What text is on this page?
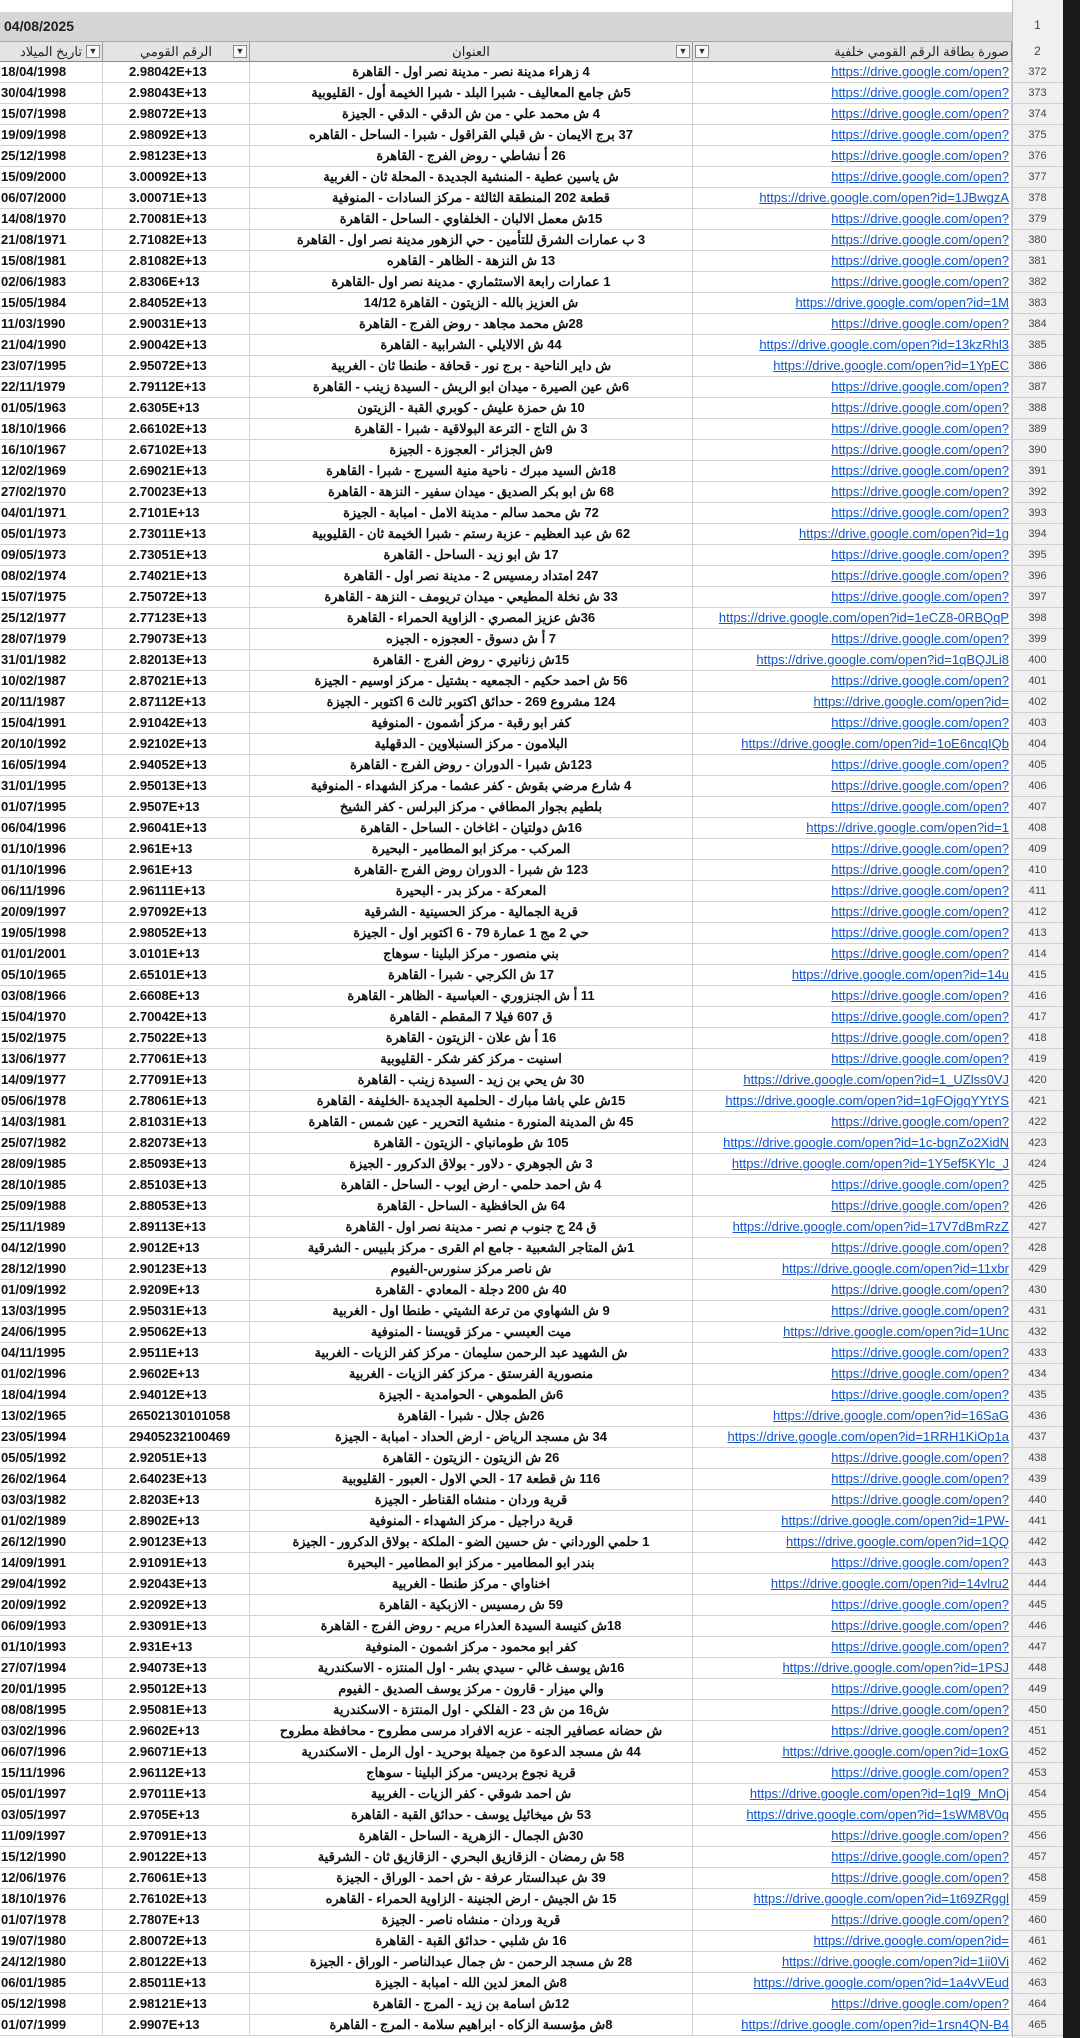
04/08/2025	1
2
تاريخ الميلاد ▼	الرقم القومي	▼	العنوان	▼	صورة بطاقة الرقم القومي خلفية
▼
18/04/1998	2.98042E+13	4 زهراء مدينة نصر - مدينة نصر اول - القاهرة	https://drive.google.com/open?	372
30/04/1998	2.98043E+13	5ش جامع المعاليف - شبرا البلد - شبرا الخيمة أول - القليوبية	https://drive.google.com/open?	373
15/07/1998	2.98072E+13	4 ش محمد علي - من ش الدقي - الدقي - الجيزة	https://drive.google.com/open?	374
19/09/1998	2.98092E+13	37 برج الايمان - ش قبلي القراقول - شبرا - الساحل - القاهره	https://drive.google.com/open?	375
25/12/1998	2.98123E+13	26 أ نشاطي - روض الفرج - القاهرة	https://drive.google.com/open?	376
15/09/2000	3.00092E+13	ش ياسين عطية - المنشية الجديدة - المحلة ثان - الغربية	https://drive.google.com/open?	377
06/07/2000	3.00071E+13	قطعة 202 المنطقة الثالثة - مركز السادات - المنوفية	https://drive.google.com/open?id=1JBwgzA	378
14/08/1970	2.70081E+13	15ش معمل الالبان - الخلفاوي - الساحل - القاهرة	https://drive.google.com/open?	379
21/08/1971	2.71082E+13	3 ب عمارات الشرق للتأمين - حي الزهور مدينة نصر اول - القاهرة	https://drive.google.com/open?	380
15/08/1981	2.81082E+13	13 ش النزهة - الظاهر - القاهره	https://drive.google.com/open?	381
02/06/1983	2.8306E+13	1 عمارات رابعة الاستثماري - مدينة نصر اول -القاهرة	https://drive.google.com/open?	382
15/05/1984	2.84052E+13	ش العزيز بالله - الزيتون - القاهرة 14/12	https://drive.google.com/open?id=1M	383
11/03/1990	2.90031E+13	28ش محمد مجاهد - روض الفرج - القاهرة	https://drive.google.com/open?	384
21/04/1990	2.90042E+13	44 ش الالايلي - الشرابية - القاهرة	https://drive.google.com/open?id=13kzRhl3	385
23/07/1995	2.95072E+13	ش داير الناحية - برج نور - قحافة - طنطا ثان - الغربية	https://drive.google.com/open?id=1YpEC	386
22/11/1979	2.79112E+13	6ش عين الصيرة - ميدان ابو الريش - السيدة زينب - القاهرة	https://drive.google.com/open?	387
01/05/1963	2.6305E+13	10 ش حمزة عليش - كوبري القبة - الزيتون	https://drive.google.com/open?	388
18/10/1966	2.66102E+13	3 ش التاج - الترعة البولاقية - شبرا - القاهرة	https://drive.google.com/open?	389
16/10/1967	2.67102E+13	9ش الجزائر - العجوزة - الجيزة	https://drive.google.com/open?	390
12/02/1969	2.69021E+13	18ش السيد مبرك - ناحية منية السيرج - شبرا - القاهرة	https://drive.google.com/open?	391
27/02/1970	2.70023E+13	68 ش ابو بكر الصديق - ميدان سفير - النزهة - القاهرة	https://drive.google.com/open?	392
04/01/1971	2.7101E+13	72 ش محمد سالم - مدينة الامل - امبابة - الجيزة	https://drive.google.com/open?	393
05/01/1973	2.73011E+13	62 ش عبد العظيم - عزبة رستم - شبرا الخيمة ثان - القليوبية	https://drive.google.com/open?id=1g	394
09/05/1973	2.73051E+13	17 ش ابو زيد - الساحل - القاهرة	https://drive.google.com/open?	395
08/02/1974	2.74021E+13	247 امتداد رمسيس 2 - مدينة نصر اول - القاهرة	https://drive.google.com/open?	396
15/07/1975	2.75072E+13	33 ش نخلة المطيعي - ميدان تريومف - النزهة - القاهرة	https://drive.google.com/open?	397
25/12/1977	2.77123E+13	36ش عزيز المصري - الزاوية الحمراء - القاهرة	https://drive.google.com/open?id=1eCZ8-0RBQqP	398
28/07/1979	2.79073E+13	7 أ ش دسوق - العجوزه - الجيزه	https://drive.google.com/open?	399
31/01/1982	2.82013E+13	15ش زنانيري - روض الفرج - القاهرة	https://drive.google.com/open?id=1qBQJLi8	400
10/02/1987	2.87021E+13	56 ش احمد حكيم - الجمعيه - بشتيل - مركز اوسيم - الجيزة	https://drive.google.com/open?	401
20/11/1987	2.87112E+13	124 مشروع 269 - حدائق اكتوبر ثالث 6 اكتوبر - الجيزة	https://drive.google.com/open?id=	402
15/04/1991	2.91042E+13	كفر ابو رقبة - مركز أشمون - المنوفية	https://drive.google.com/open?	403
20/10/1992	2.92102E+13	البلامون - مركز السنبلاوين - الدقهلية	https://drive.google.com/open?id=1oE6ncqIQb	404
16/05/1994	2.94052E+13	123ش شبرا - الدوران - روض الفرج - القاهرة	https://drive.google.com/open?	405
31/01/1995	2.95013E+13	4 شارع مرضي بقوش - كفر عشما - مركز الشهداء - المنوفية	https://drive.google.com/open?	406
01/07/1995	2.9507E+13	بلطيم بجوار المطافي - مركز البرلس - كفر الشيخ	https://drive.google.com/open?	407
06/04/1996	2.96041E+13	16ش دولتيان - اغاخان - الساحل - القاهرة	https://drive.google.com/open?id=1	408
01/10/1996	2.961E+13	المركب - مركز ابو المطامير - البحيرة	https://drive.google.com/open?	409
01/10/1996	2.961E+13	123 ش شبرا - الدوران روض الفرج -القاهرة	https://drive.google.com/open?	410
06/11/1996	2.96111E+13	المعركة - مركز بدر - البحيرة	https://drive.google.com/open?	411
20/09/1997	2.97092E+13	قرية الجمالية - مركز الحسينية - الشرقية	https://drive.google.com/open?	412
19/05/1998	2.98052E+13	حي 2 مج 1 عمارة 79 - 6 اكتوبر اول - الجيزة	https://drive.google.com/open?	413
01/01/2001	3.0101E+13	بني منصور - مركز البلينا - سوهاج	https://drive.google.com/open?	414
05/10/1965	2.65101E+13	17 ش الكرجي - شبرا - القاهرة	https://drive.google.com/open?id=14u	415
03/08/1966	2.6608E+13	11 أ ش الجنزوري - العباسية - الظاهر - القاهرة	https://drive.google.com/open?	416
15/04/1970	2.70042E+13	ق 607 فيلا 7 المقطم - القاهرة	https://drive.google.com/open?	417
15/02/1975	2.75022E+13	16 أ ش علان - الزيتون - القاهرة	https://drive.google.com/open?	418
13/06/1977	2.77061E+13	اسنيت - مركز كفر شكر - القليوبية	https://drive.google.com/open?	419
14/09/1977	2.77091E+13	30 ش يحي بن زيد - السيدة زينب - القاهرة	https://drive.google.com/open?id=1_UZlss0VJ	420
05/06/1978	2.78061E+13	15ش علي باشا مبارك - الحلمية الجديدة -الخليفة - القاهرة	https://drive.google.com/open?id=1gFOjgqYYtYS	421
14/03/1981	2.81031E+13	45 ش المدينة المنورة - منشية التحرير - عين شمس - القاهرة	https://drive.google.com/open?	422
25/07/1982	2.82073E+13	105 ش طومانباي - الزيتون - القاهرة	https://drive.google.com/open?id=1c-bgnZo2XidN	423
28/09/1985	2.85093E+13	3 ش الجوهري - دلاور - بولاق الدكرور - الجيزة	https://drive.google.com/open?id=1Y5ef5KYlc_J	424
28/10/1985	2.85103E+13	4 ش احمد حلمي - ارض ايوب - الساحل - القاهرة	https://drive.google.com/open?	425
25/09/1988	2.88053E+13	64 ش الحافظية - الساحل - القاهرة	https://drive.google.com/open?	426
25/11/1989	2.89113E+13	ق 24 ج جنوب م نصر - مدينة نصر اول - القاهرة	https://drive.google.com/open?id=17V7dBmRzZ	427
04/12/1990	2.9012E+13	1ش المتاجر الشعبية - جامع ام القرى - مركز بلبيس - الشرقية	https://drive.google.com/open?	428
28/12/1990	2.90123E+13	ش ناصر مركز سنورس-الفيوم	https://drive.google.com/open?id=11xbr	429
01/09/1992	2.9209E+13	40 ش 200 دجلة - المعادي - القاهرة	https://drive.google.com/open?	430
13/03/1995	2.95031E+13	9 ش الشهاوي من ترعة الشيتي - طنطا اول - الغربية	https://drive.google.com/open?	431
24/06/1995	2.95062E+13	ميت العبسي - مركز قويسنا - المنوفية	https://drive.google.com/open?id=1Unc	432
04/11/1995	2.9511E+13	ش الشهيد عبد الرحمن سليمان - مركز كفر الزيات - الغربية	https://drive.google.com/open?	433
01/02/1996	2.9602E+13	منصورية الفرستق - مركز كفر الزيات - الغربية	https://drive.google.com/open?	434
18/04/1994	2.94012E+13	6ش الطموهي - الحوامدية - الجيزة	https://drive.google.com/open?	435
13/02/1965	26502130101058	26ش جلال - شبرا - القاهرة	https://drive.google.com/open?id=16SaG	436
23/05/1994	29405232100469	34 ش مسجد الرياض - ارض الحداد - امبابة - الجيزة	https://drive.google.com/open?id=1RRH1KiOp1a	437
05/05/1992	2.92051E+13	26 ش الزيتون - الزيتون - القاهرة	https://drive.google.com/open?	438
26/02/1964	2.64023E+13	116 ش قطعة 17 - الحي الاول - العبور - القليوبية	https://drive.google.com/open?	439
03/03/1982	2.8203E+13	قرية وردان - منشاه القناطر - الجيزة	https://drive.google.com/open?	440
01/02/1989	2.8902E+13	قرية دراجيل - مركز الشهداء - المنوفية	https://drive.google.com/open?id=1PW-	441
26/12/1990	2.90123E+13	1 حلمي الورداني - ش حسين الضو - الملكة - بولاق الدكرور - الجيزة	https://drive.google.com/open?id=1QQ	442
14/09/1991	2.91091E+13	بندر ابو المطامير - مركز ابو المطامير - البحيرة	https://drive.google.com/open?	443
29/04/1992	2.92043E+13	اخناواي - مركز طنطا - الغربية	https://drive.google.com/open?id=14vlru2	444
20/09/1992	2.92092E+13	59 ش رمسيس - الازبكية - القاهرة	https://drive.google.com/open?	445
06/09/1993	2.93091E+13	18ش كنيسة السيدة العذراء مريم - روض الفرج - القاهرة	https://drive.google.com/open?	446
01/10/1993	2.931E+13	كفر ابو محمود - مركز اشمون - المنوفية	https://drive.google.com/open?	447
27/07/1994	2.94073E+13	16ش يوسف غالي - سيدي بشر - اول المنتزه - الاسكندرية	https://drive.google.com/open?id=1PSJ	448
20/01/1995	2.95012E+13	والي ميزار - قارون - مركز يوسف الصديق - الفيوم	https://drive.google.com/open?	449
08/08/1995	2.95081E+13	ش16 من ش 23 - الفلكي - اول المنتزة - الاسكندرية	https://drive.google.com/open?	450
03/02/1996	2.9602E+13	ش حضانه عصافير الجنه - عزبه الافراد مرسى مطروح - محافظة مطروح	https://drive.google.com/open?	451
06/07/1996	2.96071E+13	44 ش مسجد الدعوة من جميلة بوحريد - اول الرمل - الاسكندرية	https://drive.google.com/open?id=1oxG	452
15/11/1996	2.96112E+13	قرية نجوع برديس- مركز البلينا - سوهاج	https://drive.google.com/open?	453
05/01/1997	2.97011E+13	ش احمد شوقي - كفر الزيات - الغربية	https://drive.google.com/open?id=1qI9_MnOj	454
03/05/1997	2.9705E+13	53 ش ميخائيل يوسف - حدائق القبة - القاهرة	https://drive.google.com/open?id=1sWM8V0q	455
11/09/1997	2.97091E+13	30ش الجمال - الزهرية - الساحل - القاهرة	https://drive.google.com/open?	456
15/12/1990	2.90122E+13	58 ش رمضان - الزقازيق البحري - الزقازيق ثان - الشرقية	https://drive.google.com/open?	457
12/06/1976	2.76061E+13	39 ش عبدالستار عرفة - ش احمد - الوراق - الجيزة	https://drive.google.com/open?	458
18/10/1976	2.76102E+13	15 ش الجيش - ارض الجنينة - الزاوية الحمراء - القاهره	https://drive.google.com/open?id=1t69ZRggl	459
01/07/1978	2.7807E+13	قرية وردان - منشاه ناصر - الجيزة	https://drive.google.com/open?	460
19/07/1980	2.80072E+13	16 ش شلبي - حدائق القبة - القاهرة	https://drive.google.com/open?id=	461
24/12/1980	2.80122E+13	28 ش مسجد الرحمن - ش جمال عبدالناصر - الوراق - الجيزة	https://drive.google.com/open?id=1ii0Vi	462
06/01/1985	2.85011E+13	8ش المعز لدين الله - امبابة - الجيزة	https://drive.google.com/open?id=1a4vVEud	463
05/12/1998	2.98121E+13	12ش اسامة بن زيد - المرج - القاهرة	https://drive.google.com/open?	464
01/07/1999	2.9907E+13	8ش مؤسسة الزكاه - ابراهيم سلامة - المرج - القاهرة	https://drive.google.com/open?id=1rsn4QN-B4	465
